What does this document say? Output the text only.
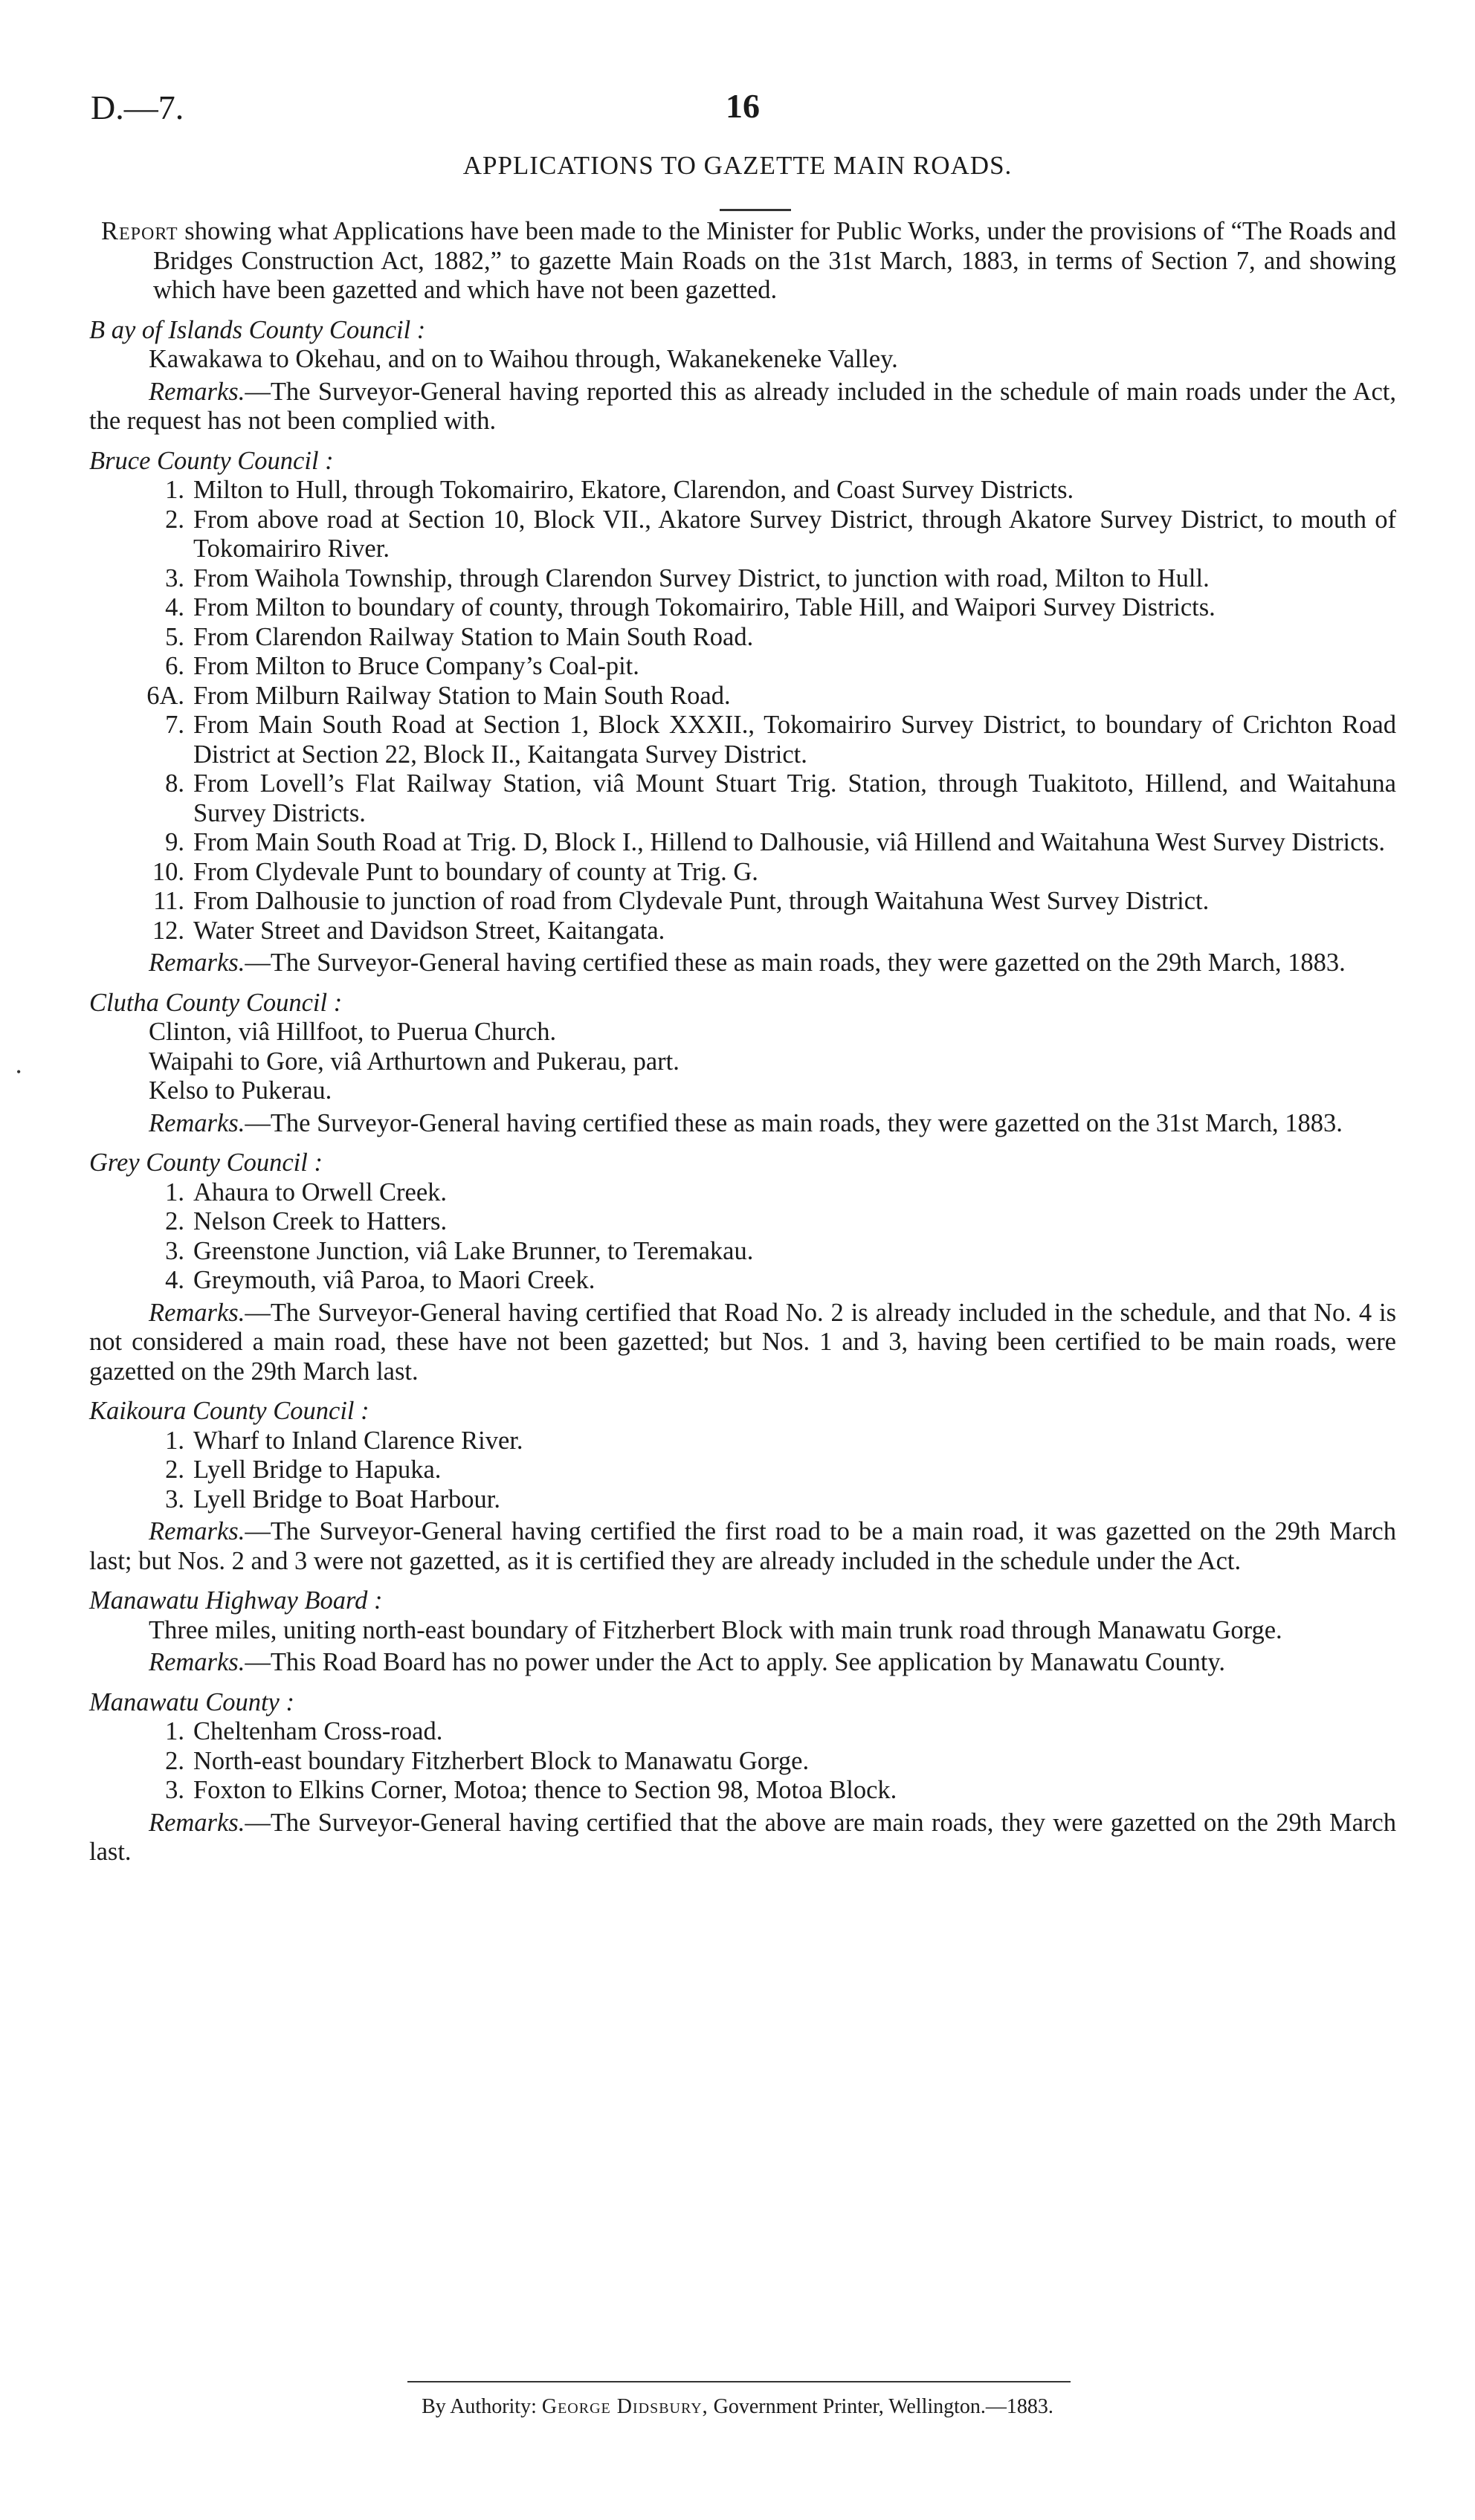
D.—7.	16
APPLICATIONS TO GAZETTE MAIN ROADS.
•

Report showing what Applications have been made to the Minister for Public Works, under the provisions of “The Roads and Bridges Construction Act, 1882,” to gazette Main Roads on the 31st March, 1883, in terms of Section 7, and showing which have been gazetted and which have not been gazetted.

B ay of Islands County Council :

Kawakawa to Okehau, and on to Waihou through, Wakanekeneke Valley.

Remarks.—The Surveyor-General having reported this as already included in the schedule of main roads under the Act, the request has not been complied with.

Bruce County Council :

1. Milton to Hull, through Tokomairiro, Ekatore, Clarendon, and Coast Survey Districts.
2. From above road at Section 10, Block VII., Akatore Survey District, through Akatore Survey District, to mouth of Tokomairiro River.
3. From Waihola Township, through Clarendon Survey District, to junction with road, Milton to Hull.
4. From Milton to boundary of county, through Tokomairiro, Table Hill, and Waipori Survey Districts.
5. From Clarendon Railway Station to Main South Road.
6. From Milton to Bruce Company’s Coal-pit.
6A. From Milburn Railway Station to Main South Road.
7. From Main South Road at Section 1, Block XXXII., Tokomairiro Survey District, to boundary of Crichton Road District at Section 22, Block II., Kaitangata Survey District.
8. From Lovell’s Flat Railway Station, viâ Mount Stuart Trig. Station, through Tuakitoto, Hillend, and Waitahuna Survey Districts.
9. From Main South Road at Trig. D, Block I., Hillend to Dalhousie, viâ Hillend and Waitahuna West Survey Districts.
10. From Clydevale Punt to boundary of county at Trig. G.
11. From Dalhousie to junction of road from Clydevale Punt, through Waitahuna West Survey District.
12. Water Street and Davidson Street, Kaitangata.

Remarks.—The Surveyor-General having certified these as main roads, they were gazetted on the 29th March, 1883.

Clutha County Council :

Clinton, viâ Hillfoot, to Puerua Church.

Waipahi to Gore, viâ Arthurtown and Pukerau, part.

Kelso to Pukerau.

Remarks.—The Surveyor-General having certified these as main roads, they were gazetted on the 31st March, 1883.

Grey County Council :

1. Ahaura to Orwell Creek.
2. Nelson Creek to Hatters.
3. Greenstone Junction, viâ Lake Brunner, to Teremakau.
4. Greymouth, viâ Paroa, to Maori Creek.

Remarks.—The Surveyor-General having certified that Road No. 2 is already included in the schedule, and that No. 4 is not considered a main road, these have not been gazetted; but Nos. 1 and 3, having been certified to be main roads, were gazetted on the 29th March last.

Kaikoura County Council :

1. Wharf to Inland Clarence River.
2. Lyell Bridge to Hapuka.
3. Lyell Bridge to Boat Harbour.

Remarks.—The Surveyor-General having certified the first road to be a main road, it was gazetted on the 29th March last; but Nos. 2 and 3 were not gazetted, as it is certified they are already included in the schedule under the Act.

Manawatu Highway Board :

Three miles, uniting north-east boundary of Fitzherbert Block with main trunk road through Manawatu Gorge.

Remarks.—This Road Board has no power under the Act to apply. See application by Manawatu County.

Manawatu County :

1. Cheltenham Cross-road.
2. North-east boundary Fitzherbert Block to Manawatu Gorge.
3. Foxton to Elkins Corner, Motoa; thence to Section 98, Motoa Block.

Remarks.—The Surveyor-General having certified that the above are main roads, they were gazetted on the 29th March last.

By Authority: George Didsbury, Government Printer, Wellington.—1883.
